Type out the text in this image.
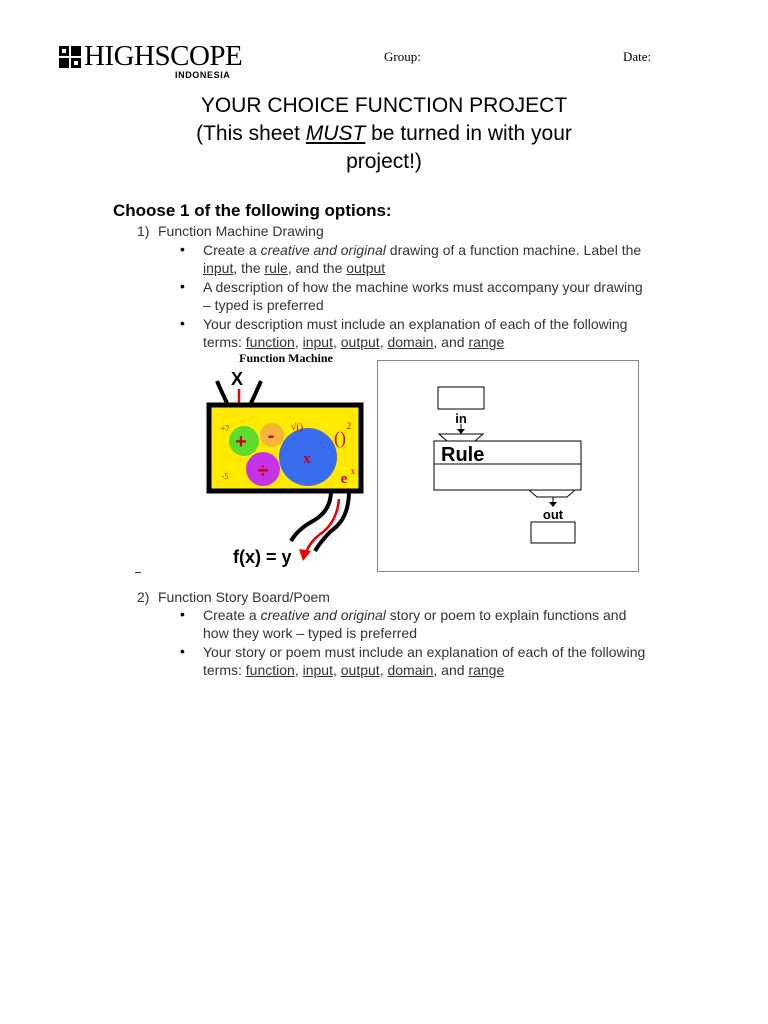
HIGHSCOPE
INDONESIA
Group:	Date:
YOUR CHOICE FUNCTION PROJECT
(This sheet MUST be turned in with your
project!)
Choose 1 of the following options:
1) Function Machine Drawing
• Create a creative and original drawing of a function machine. Label the input, the rule, and the output
• A description of how the machine works must accompany your drawing – typed is preferred
• Your description must include an explanation of each of the following terms: function, input, output, domain, and range
Function Machine
X
+ -
÷
x
√()
()
2
e x
+7
-5
f(x) = y
in
Rule
out
2) Function Story Board/Poem
• Create a creative and original story or poem to explain functions and how they work – typed is preferred
• Your story or poem must include an explanation of each of the following terms: function, input, output, domain, and range
